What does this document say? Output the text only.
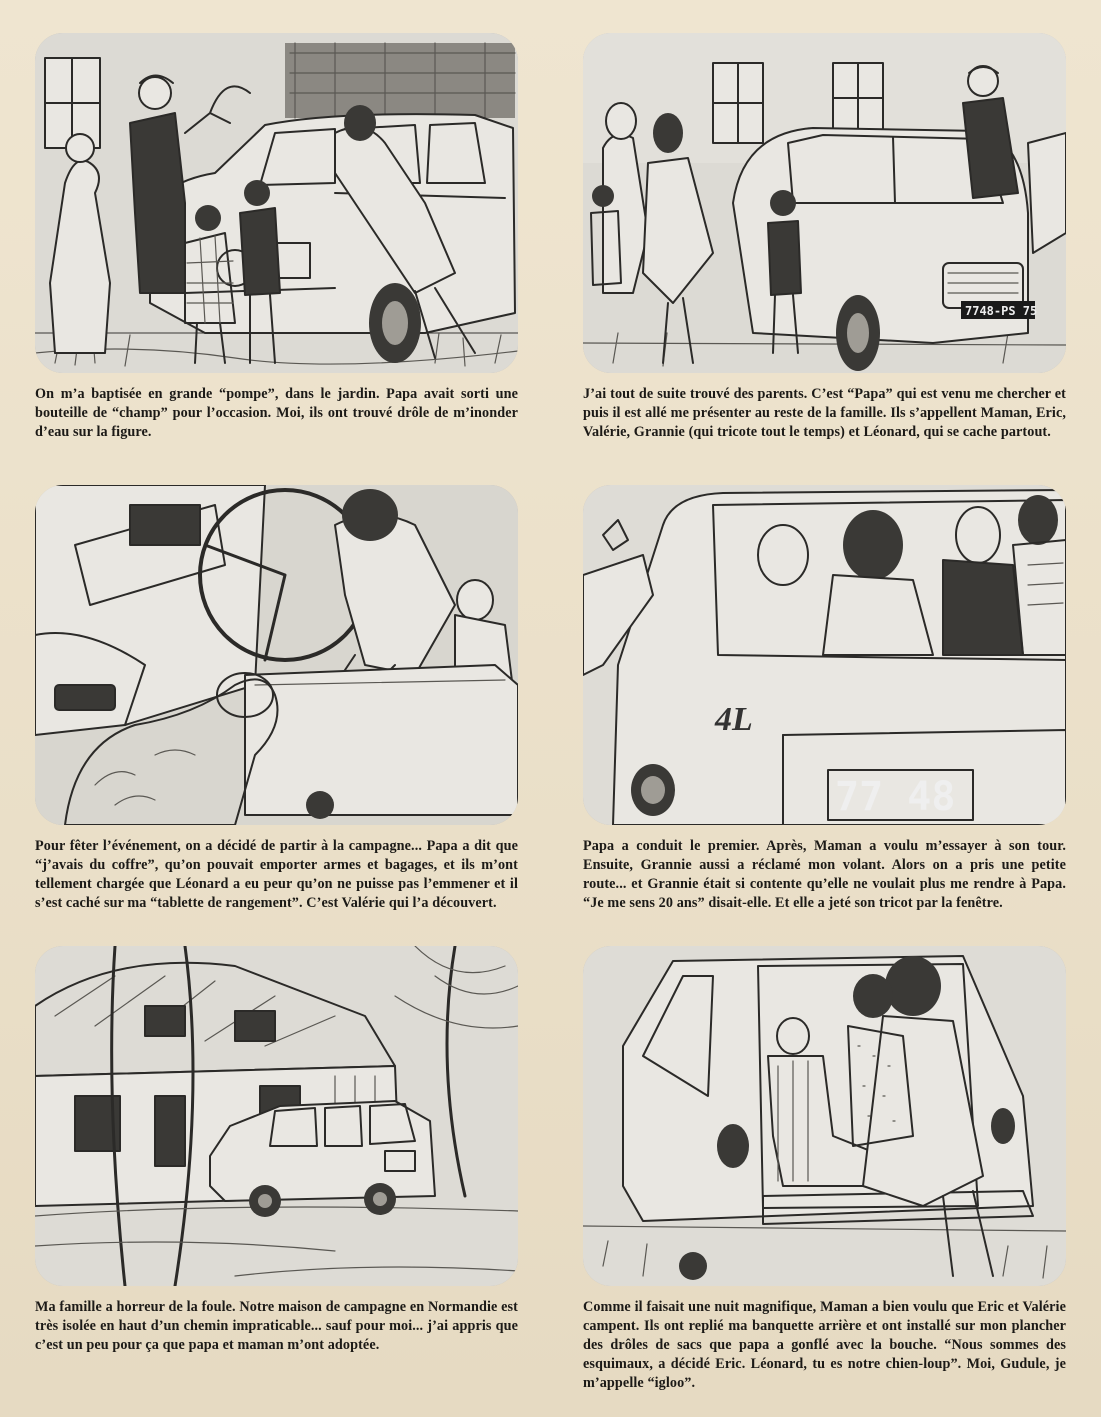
On m’a baptisée en grande “pompe”, dans le jardin. Papa avait sorti une bouteille de “champ” pour l’occasion. Moi, ils ont trouvé drôle de m’inonder d’eau sur la figure.

7748-PS 75

J’ai tout de suite trouvé des parents. C’est “Papa” qui est venu me chercher et puis il est allé me présenter au reste de la famille. Ils s’appellent Maman, Eric, Valérie, Grannie (qui tricote tout le temps) et Léonard, qui se cache partout.

Pour fêter l’événement, on a décidé de partir à la campagne... Papa a dit que “j’avais du coffre”, qu’on pouvait emporter armes et bagages, et ils m’ont tellement chargée que Léonard a eu peur qu’on ne puisse pas l’emmener et il s’est caché sur ma “tablette de rangement”. C’est Valérie qui l’a découvert.

4L
77 48

Papa a conduit le premier. Après, Maman a voulu m’essayer à son tour. Ensuite, Grannie aussi a réclamé mon volant. Alors on a pris une petite route... et Grannie était si contente qu’elle ne voulait plus me rendre à Papa. “Je me sens 20 ans” disait-elle. Et elle a jeté son tricot par la fenêtre.

Ma famille a horreur de la foule. Notre maison de campagne en Normandie est très isolée en haut d’un chemin impraticable... sauf pour moi... j’ai appris que c’est un peu pour ça que papa et maman m’ont adoptée.

Comme il faisait une nuit magnifique, Maman a bien voulu que Eric et Valérie campent. Ils ont replié ma banquette arrière et ont installé sur mon plancher des drôles de sacs que papa a gonflé avec la bouche. “Nous sommes des esquimaux, a décidé Eric. Léonard, tu es notre chien-loup”. Moi, Gudule, je m’appelle “igloo”.
